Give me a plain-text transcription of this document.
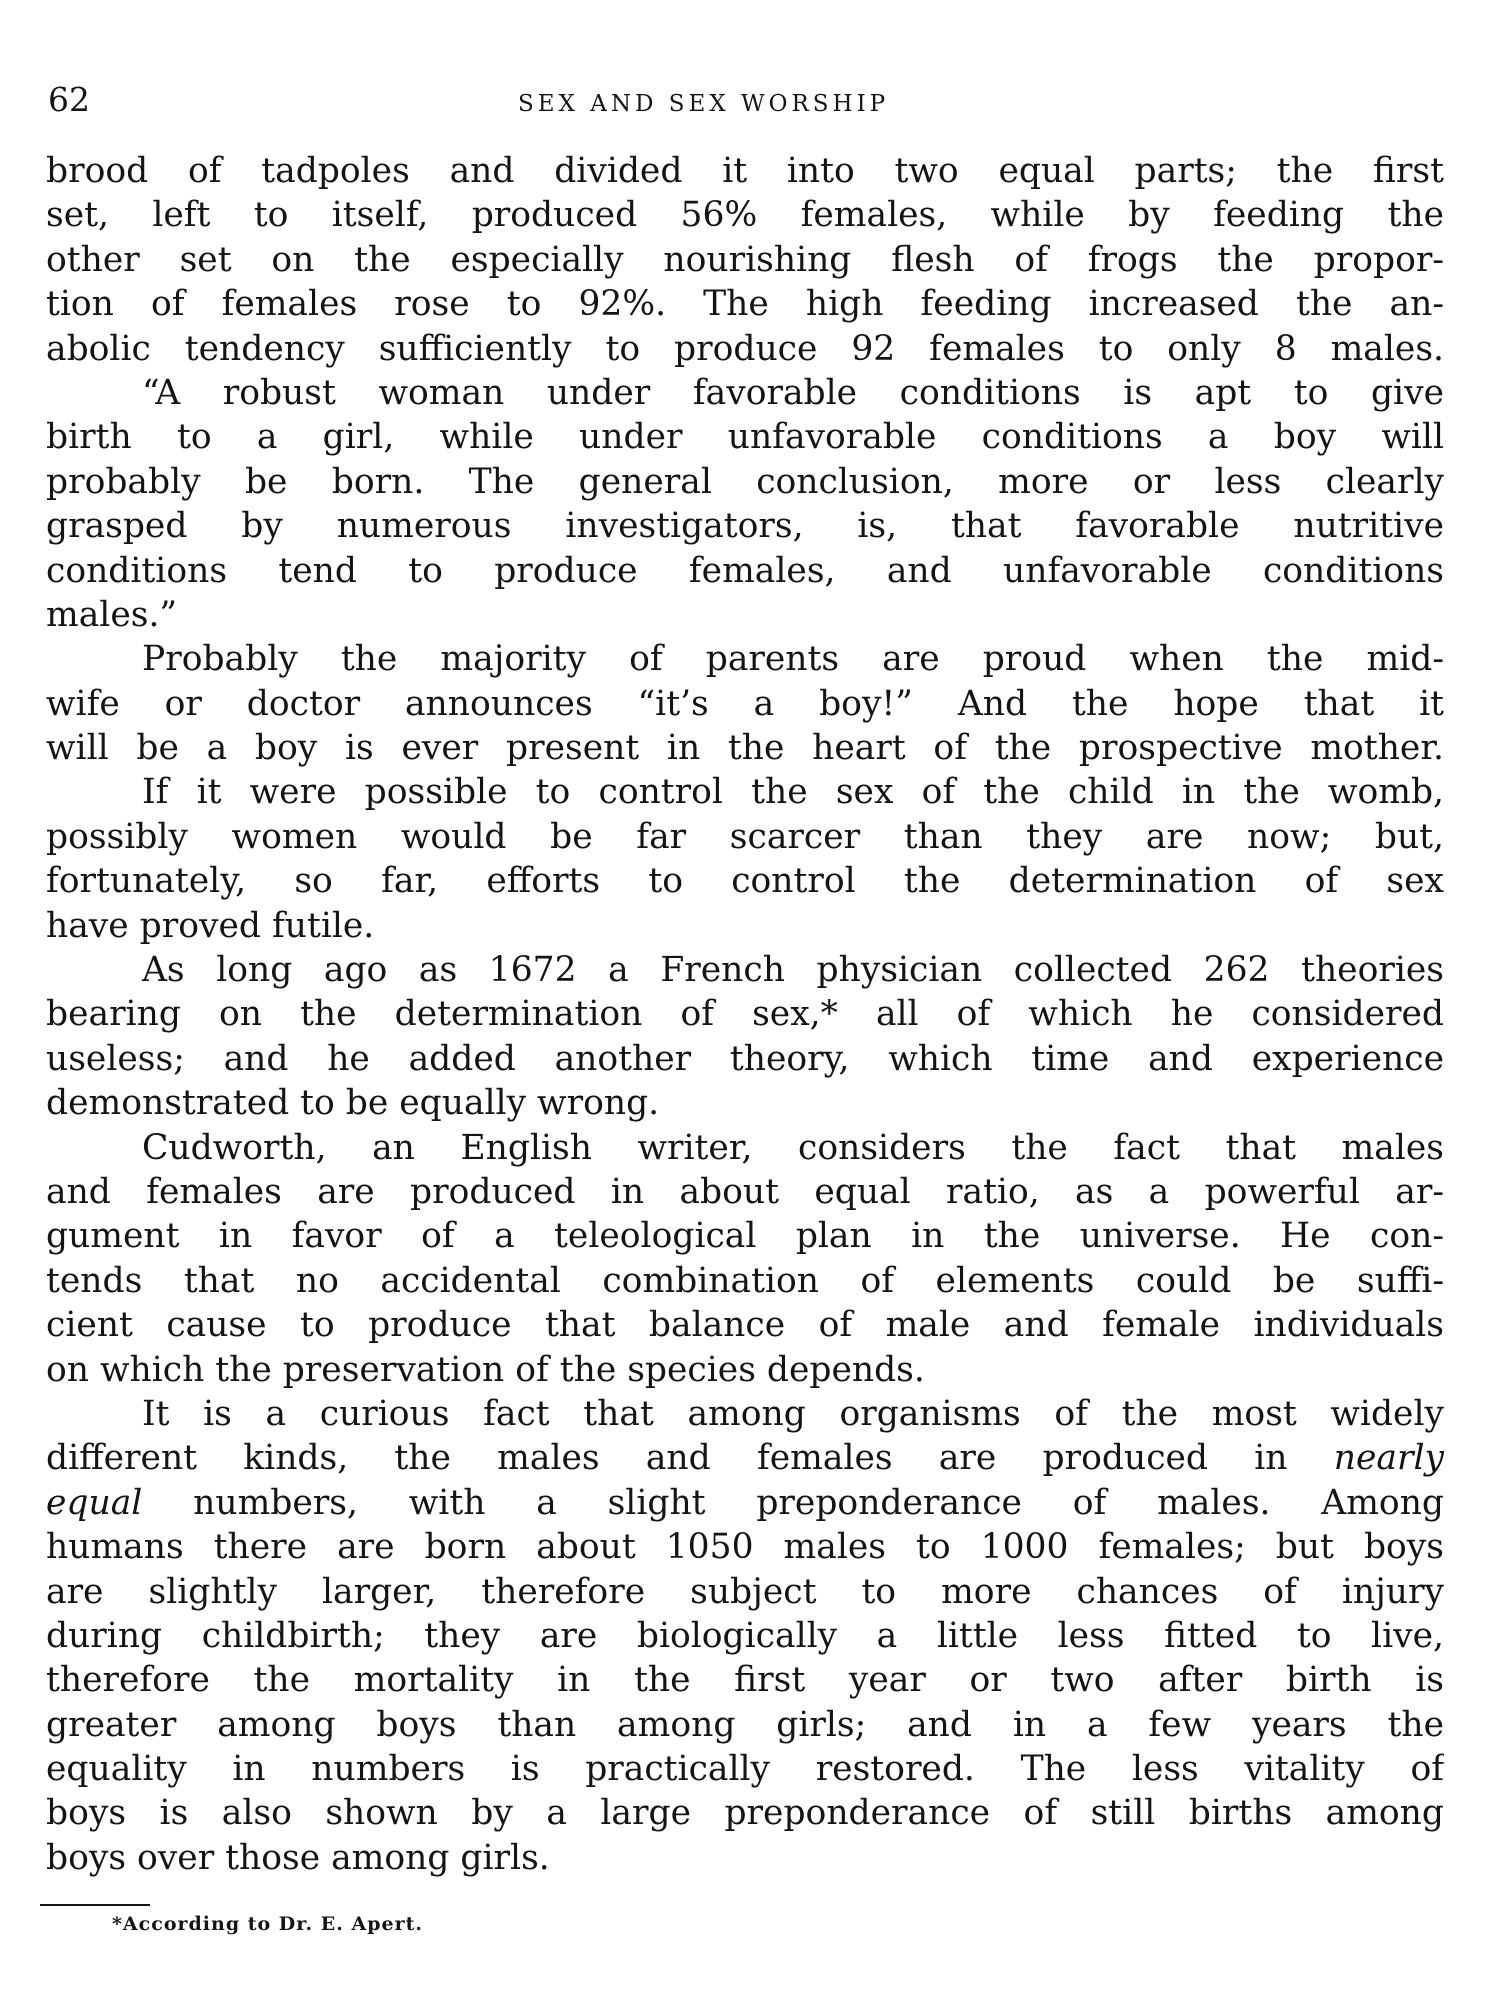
62	SEX AND SEX WORSHIP
brood of tadpoles and divided it into two equal parts; the first
set, left to itself, produced 56% females, while by feeding the
other set on the especially nourishing flesh of frogs the propor-
tion of females rose to 92%. The high feeding increased the an-
abolic tendency sufficiently to produce 92 females to only 8 males.
“A robust woman under favorable conditions is apt to give
birth to a girl, while under unfavorable conditions a boy will
probably be born. The general conclusion, more or less clearly
grasped by numerous investigators, is, that favorable nutritive
conditions tend to produce females, and unfavorable conditions
males.”
Probably the majority of parents are proud when the mid-
wife or doctor announces “it’s a boy!” And the hope that it
will be a boy is ever present in the heart of the prospective mother.
If it were possible to control the sex of the child in the womb,
possibly women would be far scarcer than they are now; but,
fortunately, so far, efforts to control the determination of sex
have proved futile.
As long ago as 1672 a French physician collected 262 theories
bearing on the determination of sex,* all of which he considered
useless; and he added another theory, which time and experience
demonstrated to be equally wrong.
Cudworth, an English writer, considers the fact that males
and females are produced in about equal ratio, as a powerful ar-
gument in favor of a teleological plan in the universe. He con-
tends that no accidental combination of elements could be suffi-
cient cause to produce that balance of male and female individuals
on which the preservation of the species depends.
It is a curious fact that among organisms of the most widely
different kinds, the males and females are produced in nearly
equal numbers, with a slight preponderance of males. Among
humans there are born about 1050 males to 1000 females; but boys
are slightly larger, therefore subject to more chances of injury
during childbirth; they are biologically a little less fitted to live,
therefore the mortality in the first year or two after birth is
greater among boys than among girls; and in a few years the
equality in numbers is practically restored. The less vitality of
boys is also shown by a large preponderance of still births among
boys over those among girls.
*According to Dr. E. Apert.
